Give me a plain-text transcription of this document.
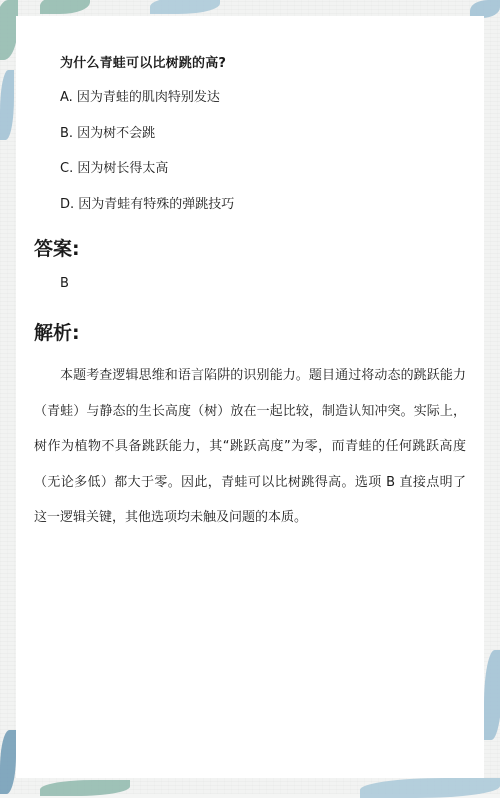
为什么青蛙可以比树跳的高?
A. 因为青蛙的肌肉特别发达
B. 因为树不会跳
C. 因为树长得太高
D. 因为青蛙有特殊的弹跳技巧
答案:
B
解析:

本题考查逻辑思维和语言陷阱的识别能力。题目通过将动态的跳跃能力（青蛙）与静态的生长高度（树）放在一起比较，制造认知冲突。实际上，树作为植物不具备跳跃能力，其“跳跃高度”为零，而青蛙的任何跳跃高度（无论多低）都大于零。因此，青蛙可以比树跳得高。选项 B 直接点明了这一逻辑关键，其他选项均未触及问题的本质。
